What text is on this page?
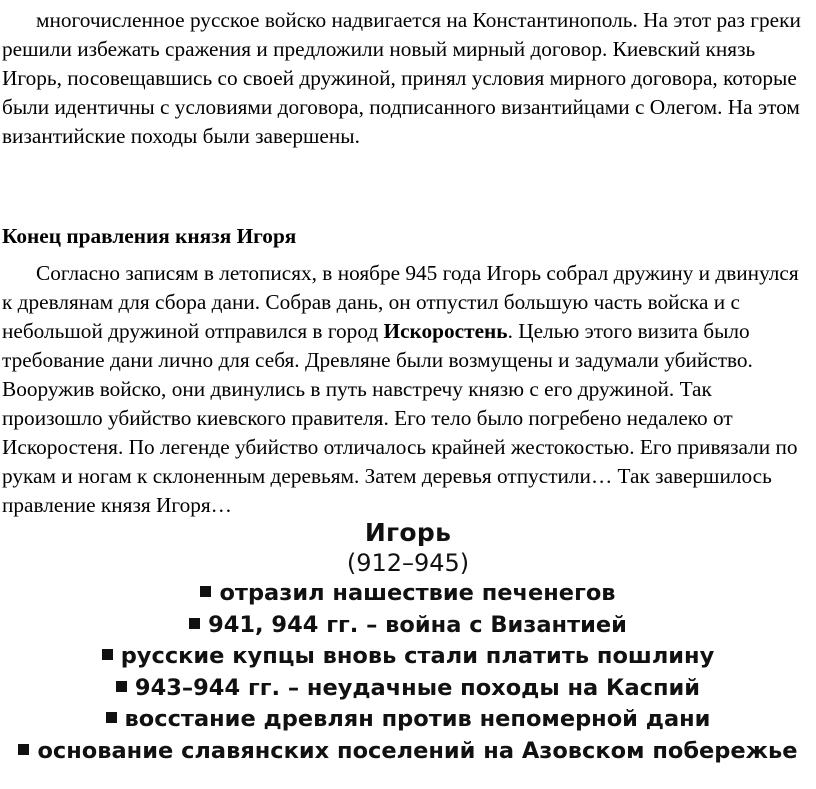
многочисленное русское войско надвигается на Константинополь. На этот раз греки решили избежать сражения и предложили новый мирный договор. Киевский князь Игорь, посовещавшись со своей дружиной, принял условия мирного договора, которые были идентичны с условиями договора, подписанного византийцами с Олегом. На этом византийские походы были завершены.

Конец правления князя Игоря

Согласно записям в летописях, в ноябре 945 года Игорь собрал дружину и двинулся к древлянам для сбора дани. Собрав дань, он отпустил большую часть войска и с небольшой дружиной отправился в город Искоростень. Целью этого визита было требование дани лично для себя. Древляне были возмущены и задумали убийство. Вооружив войско, они двинулись в путь навстречу князю с его дружиной. Так произошло убийство киевского правителя. Его тело было погребено недалеко от Искоростеня. По легенде убийство отличалось крайней жестокостью. Его привязали по рукам и ногам к склоненным деревьям. Затем деревья отпустили… Так завершилось правление князя Игоря…

Игорь
(912–945)
отразил нашествие печенегов
941, 944 гг. – война с Византией
русские купцы вновь стали платить пошлину
943–944 гг. – неудачные походы на Каспий
восстание древлян против непомерной дани
основание славянских поселений на Азовском побережье
